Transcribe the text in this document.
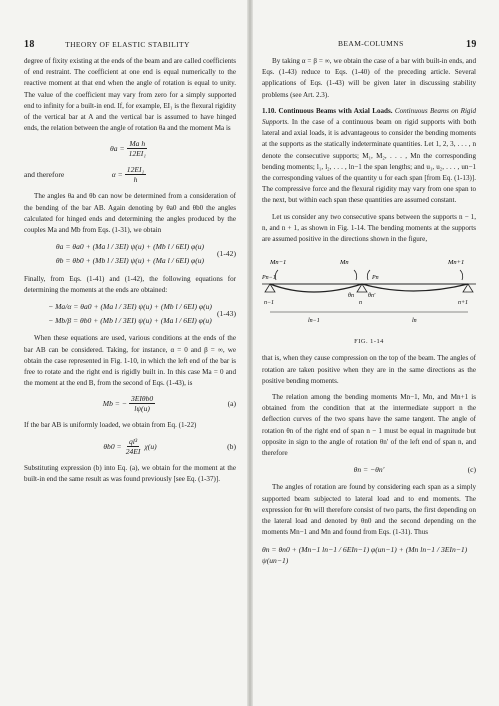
18	THEORY OF ELASTIC STABILITY	BEAM-COLUMNS	19

degree of fixity existing at the ends of the beam and are called coefficients of end restraint. The coefficient at one end is equal numerically to the reactive moment at that end when the angle of rotation is equal to unity. The value of the coefficient may vary from zero for a simply supported end to infinity for a built-in end. If, for example, EI₁ is the flexural rigidity of the vertical bar at A and the vertical bar is assumed to have hinged ends, the relation between the angle of rotation θa and the moment Ma is

$\theta a = \frac{\text{Ma h}}{\text{12EI₁}}$
and therefore	$\alpha = \frac{\text{12EI₁}}{h}$

The angles θa and θb can now be determined from a consideration of the bending of the bar AB. Again denoting by θa0 and θb0 the angles calculated for hinged ends and determining the angles produced by the couples Ma and Mb from Eqs. (1-31), we obtain

θa = θa0 + (Ma l / 3EI) ψ(u) + (Mb l / 6EI) φ(u)
θb = θb0 + (Mb l / 3EI) ψ(u) + (Ma l / 6EI) φ(u)
(1-42)

Finally, from Eqs. (1-41) and (1-42), the following equations for determining the moments at the ends are obtained:

− Ma/α = θa0 + (Ma l / 3EI) ψ(u) + (Mb l / 6EI) φ(u)
− Mb/β = θb0 + (Mb l / 3EI) ψ(u) + (Ma l / 6EI) φ(u)
(1-43)

When these equations are used, various conditions at the ends of the bar AB can be considered. Taking, for instance, α = 0 and β = ∞, we obtain the case represented in Fig. 1-10, in which the left end of the bar is free to rotate and the right end is rigidly built in. In this case Ma = 0 and the moment at the end B, from the second of Eqs. (1-43), is

Mb = − $\frac{\text{3EIθb0}}{l\psi(u)}$	(a)

If the bar AB is uniformly loaded, we obtain from Eq. (1-22)

$\theta b0 = \frac{\text{ql³}}{24EI} \chi(u)$	(b)

Substituting expression (b) into Eq. (a), we obtain for the moment at the built-in end the same result as was found previously [see Eq. (1-37)].

By taking α = β = ∞, we obtain the case of a bar with built-in ends, and Eqs. (1-43) reduce to Eqs. (1-40) of the preceding article. Several applications of Eqs. (1-43) will be given later in discussing stability problems (see Art. 2.3).

1.10. Continuous Beams with Axial Loads. Continuous Beams on Rigid Supports. In the case of a continuous beam on rigid supports with both lateral and axial loads, it is advantageous to consider the bending moments at the supports as the statically indeterminate quantities. Let 1, 2, 3, . . . , n denote the consecutive supports; M₁, M₂, . . . , Mn the corresponding bending moments; l₁, l₂, . . . , ln−1 the span lengths; and u₁, u₂, . . . , un−1 the corresponding values of the quantity u for each span [from Eq. (1-13)]. The compressive force and the flexural rigidity may vary from one span to the next, but within each span these quantities are assumed constant.

Let us consider any two consecutive spans between the supports n − 1, n, and n + 1, as shown in Fig. 1-14. The bending moments at the supports are assumed positive in the directions shown in the figure,

Mn−1	Mn	Mn+1
Pn−1	Pn
θn θn′
n−1	n	n+1
ln−1	ln
FIG. 1-14

that is, when they cause compression on the top of the beam. The angles of rotation are taken positive when they are in the same directions as the positive bending moments.

The relation among the bending moments Mn−1, Mn, and Mn+1 is obtained from the condition that at the intermediate support n the deflection curves of the two spans have the same tangent. The angle of rotation θn of the right end of span n − 1 must be equal in magnitude but opposite in sign to the angle of rotation θn′ of the left end of span n, and therefore

θn = −θn′	(c)

The angles of rotation are found by considering each span as a simply supported beam subjected to lateral load and to end moments. The expression for θn will therefore consist of two parts, the first depending on the lateral load and denoted by θn0 and the second depending on the moments Mn−1 and Mn and found from Eqs. (1-31). Thus

θn = θn0 + (Mn−1 ln−1 / 6EIn−1) φ(un−1) + (Mn ln−1 / 3EIn−1) ψ(un−1)
